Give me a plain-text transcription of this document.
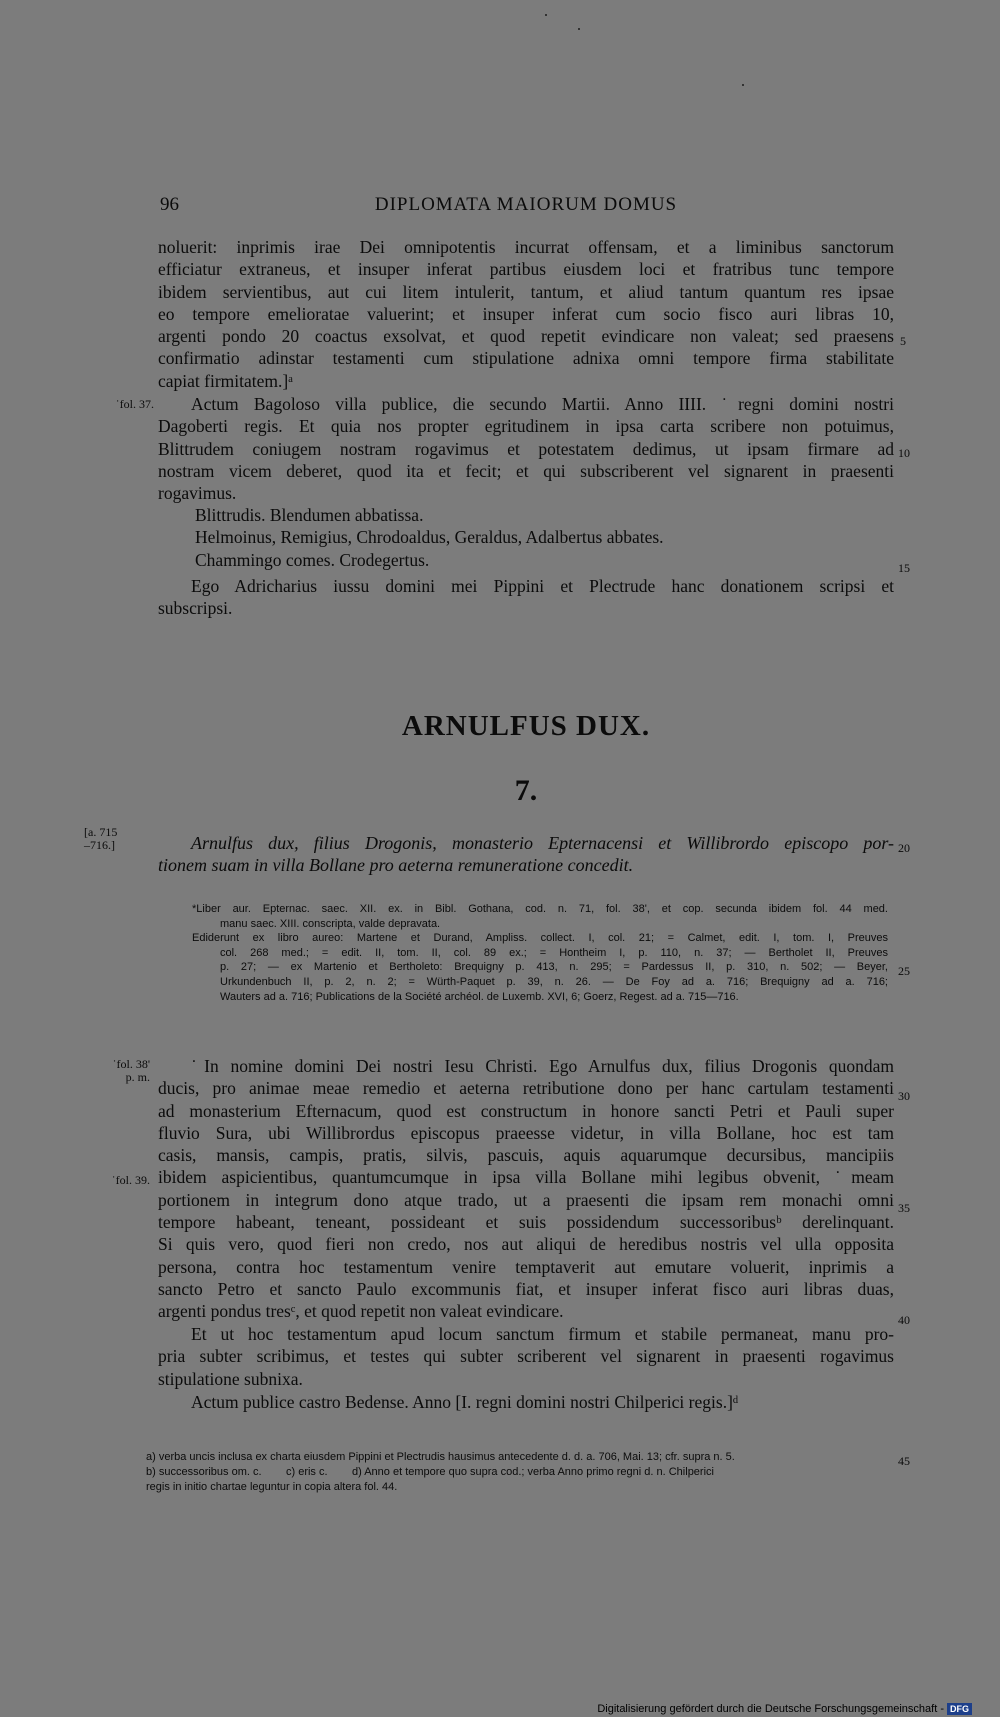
96	DIPLOMATA MAIORUM DOMUS
noluerit: inprimis irae Dei omnipotentis incurrat offensam, et a liminibus sanctorum
efficiatur extraneus, et insuper inferat partibus eiusdem loci et fratribus tunc tempore
ibidem servientibus, aut cui litem intulerit, tantum, et aliud tantum quantum res ipsae
eo tempore emelioratae valuerint; et insuper inferat cum socio fisco auri libras 10,
argenti pondo 20 coactus exsolvat, et quod repetit evindicare non valeat; sed praesens
confirmatio adinstar testamenti cum stipulatione adnixa omni tempore firma stabilitate
capiat firmitatem.]ᵃ
Actum Bagoloso villa publice, die secundo Martii. Anno IIII. ˙regni domini nostri
Dagoberti regis. Et quia nos propter egritudinem in ipsa carta scribere non potuimus,
Blittrudem coniugem nostram rogavimus et potestatem dedimus, ut ipsam firmare ad
nostram vicem deberet, quod ita et fecit; et qui subscriberent vel signarent in praesenti
rogavimus.
Blittrudis. Blendumen abbatissa.
Helmoinus, Remigius, Chrodoaldus, Geraldus, Adalbertus abbates.
Chammingo comes. Crodegertus.
Ego Adricharius iussu domini mei Pippini et Plectrude hanc donationem scripsi et
subscripsi.
ARNULFUS DUX.
7.
[a. 715
–716.]	Arnulfus dux, filius Drogonis, monasterio Epternacensi et Willibrordo episcopo por-
tionem suam in villa Bollane pro aeterna remuneratione concedit.
*Liber aur. Epternac. saec. XII. ex. in Bibl. Gothana, cod. n. 71, fol. 38', et cop. secunda ibidem fol. 44 med.
manu saec. XIII. conscripta, valde depravata.
Ediderunt ex libro aureo: Martene et Durand, Ampliss. collect. I, col. 21; = Calmet, edit. I, tom. I, Preuves
col. 268 med.; = edit. II, tom. II, col. 89 ex.; = Hontheim I, p. 110, n. 37; — Bertholet II, Preuves
p. 27; — ex Martenio et Bertholeto: Brequigny p. 413, n. 295; = Pardessus II, p. 310, n. 502; — Beyer,
Urkundenbuch II, p. 2, n. 2; = Würth-Paquet p. 39, n. 26. — De Foy ad a. 716; Brequigny ad a. 716;
Wauters ad a. 716; Publications de la Société archéol. de Luxemb. XVI, 6; Goerz, Regest. ad a. 715—716.
˙In nomine domini Dei nostri Iesu Christi. Ego Arnulfus dux, filius Drogonis quondam
ducis, pro animae meae remedio et aeterna retributione dono per hanc cartulam testamenti
ad monasterium Efternacum, quod est constructum in honore sancti Petri et Pauli super
fluvio Sura, ubi Willibrordus episcopus praeesse videtur, in villa Bollane, hoc est tam
casis, mansis, campis, pratis, silvis, pascuis, aquis aquarumque decursibus, mancipiis
ibidem aspicientibus, quantumcumque in ipsa villa Bollane mihi legibus obvenit, ˙meam
portionem in integrum dono atque trado, ut a praesenti die ipsam rem monachi omni
tempore habeant, teneant, possideant et suis possidendum successoribusᵇ derelinquant.
Si quis vero, quod fieri non credo, nos aut aliqui de heredibus nostris vel ulla opposita
persona, contra hoc testamentum venire temptaverit aut emutare voluerit, inprimis a
sancto Petro et sancto Paulo excommunis fiat, et insuper inferat fisco auri libras duas,
argenti pondus tresᶜ, et quod repetit non valeat evindicare.
Et ut hoc testamentum apud locum sanctum firmum et stabile permaneat, manu pro-
pria subter scribimus, et testes qui subter scriberent vel signarent in praesenti rogavimus
stipulatione subnixa.
Actum publice castro Bedense. Anno [I. regni domini nostri Chilperici regis.]ᵈ
˙fol. 37.
˙fol. 38'
p. m.
˙fol. 39.
5
10
15
20
25
30
35
40
45
a) verba uncis inclusa ex charta eiusdem Pippini et Plectrudis hausimus antecedente d. d. a. 706, Mai. 13; cfr. supra n. 5.
b) successoribus om. c.        c) eris c.        d) Anno et tempore quo supra cod.; verba Anno primo regni d. n. Chilperici
regis in initio chartae leguntur in copia altera fol. 44.
Digitalisierung gefördert durch die Deutsche Forschungsgemeinschaft - DFG
